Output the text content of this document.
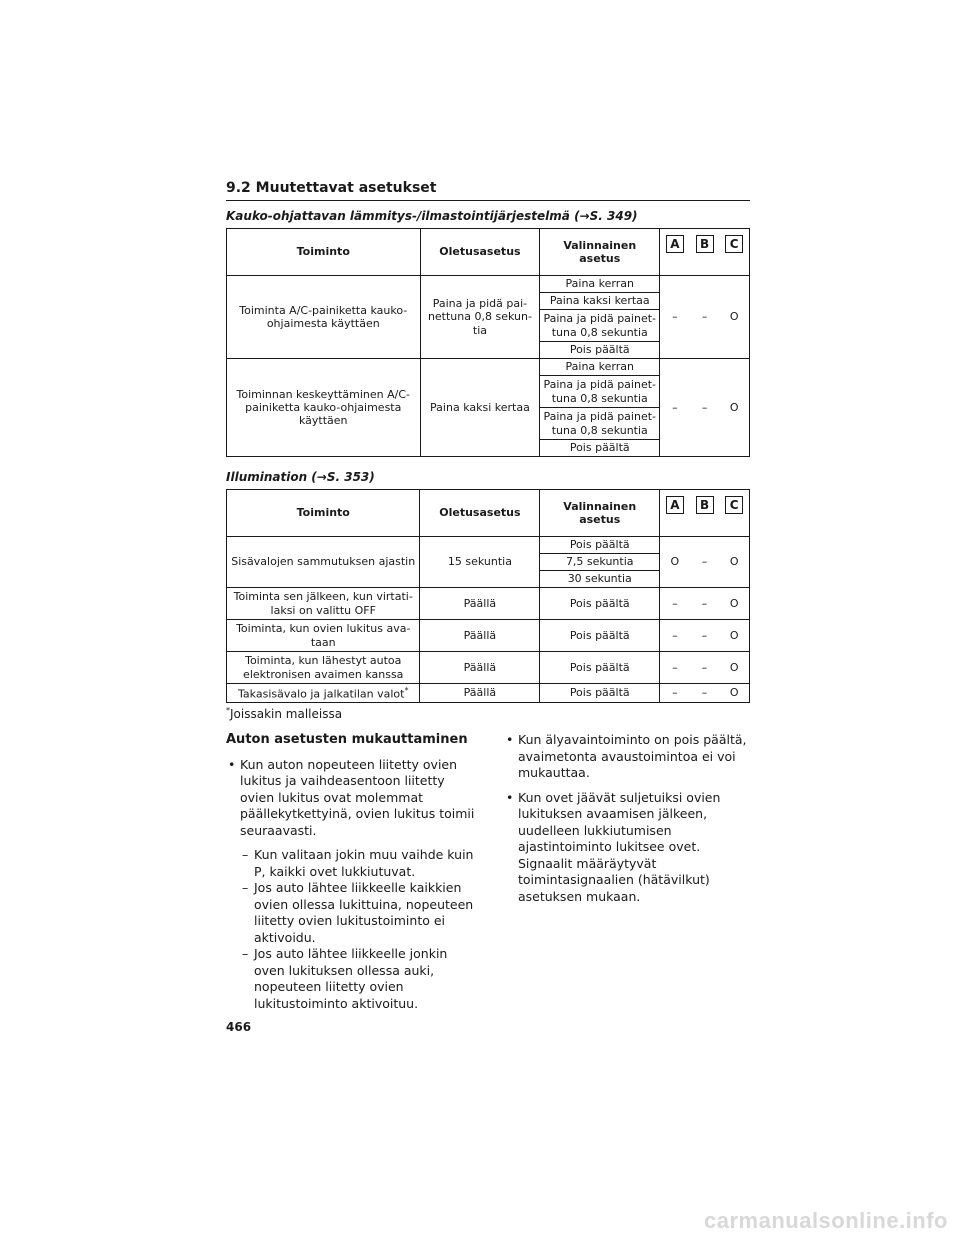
9.2 Muutettavat asetukset
Kauko-ohjattavan lämmitys-/ilmastointijärjestelmä (→S. 349)
Toiminto	Oletusasetus	Valinnainen asetus	A B C		

Toiminta A/C-painiketta kauko-ohjaimesta käyttäen	Paina ja pidä pai-nettuna 0,8 sekun-tia	Paina kerran	–	–	O
		Paina kaksi kertaa			
		Paina ja pidä painet-tuna 0,8 sekuntia			
		Pois päältä			
Toiminnan keskeyttäminen A/C-painiketta kauko-ohjaimesta käyttäen	Paina kaksi kertaa	Paina kerran	–	–	O
		Paina ja pidä painet-tuna 0,8 sekuntia			
		Paina ja pidä painet-tuna 0,8 sekuntia			
		Pois päältä			
Illumination (→S. 353)
Toiminto	Oletusasetus	Valinnainen asetus	A B C		

Sisävalojen sammutuksen ajastin	15 sekuntia	Pois päältä	O	–	O
		7,5 sekuntia			
		30 sekuntia			
Toiminta sen jälkeen, kun virtati-laksi on valittu OFF	Päällä	Pois päältä	–	–	O
Toiminta, kun ovien lukitus ava-taan	Päällä	Pois päältä	–	–	O
Toiminta, kun lähestyt autoa elektronisen avaimen kanssa	Päällä	Pois päältä	–	–	O
Takasisävalo ja jalkatilan valot*	Päällä	Pois päältä	–	–	O
*Joissakin malleissa
Auton asetusten mukauttaminen
• Kun auton nopeuteen liitetty ovien lukitus ja vaihdeasentoon liitetty ovien lukitus ovat molemmat päällekytkettyinä, ovien lukitus toimii seuraavasti.
– Kun valitaan jokin muu vaihde kuin P, kaikki ovet lukkiutuvat.
– Jos auto lähtee liikkeelle kaikkien ovien ollessa lukittuina, nopeuteen liitetty ovien lukitustoiminto ei aktivoidu.
– Jos auto lähtee liikkeelle jonkin oven lukituksen ollessa auki, nopeuteen liitetty ovien lukitustoiminto aktivoituu.
• Kun älyavaintoiminto on pois päältä, avaimetonta avaustoimintoa ei voi mukauttaa.
• Kun ovet jäävät suljetuiksi ovien lukituksen avaamisen jälkeen, uudelleen lukkiutumisen ajastintoiminto lukitsee ovet. Signaalit määräytyvät toimintasignaalien (hätävilkut) asetuksen mukaan.
466
carmanualsonline.info
